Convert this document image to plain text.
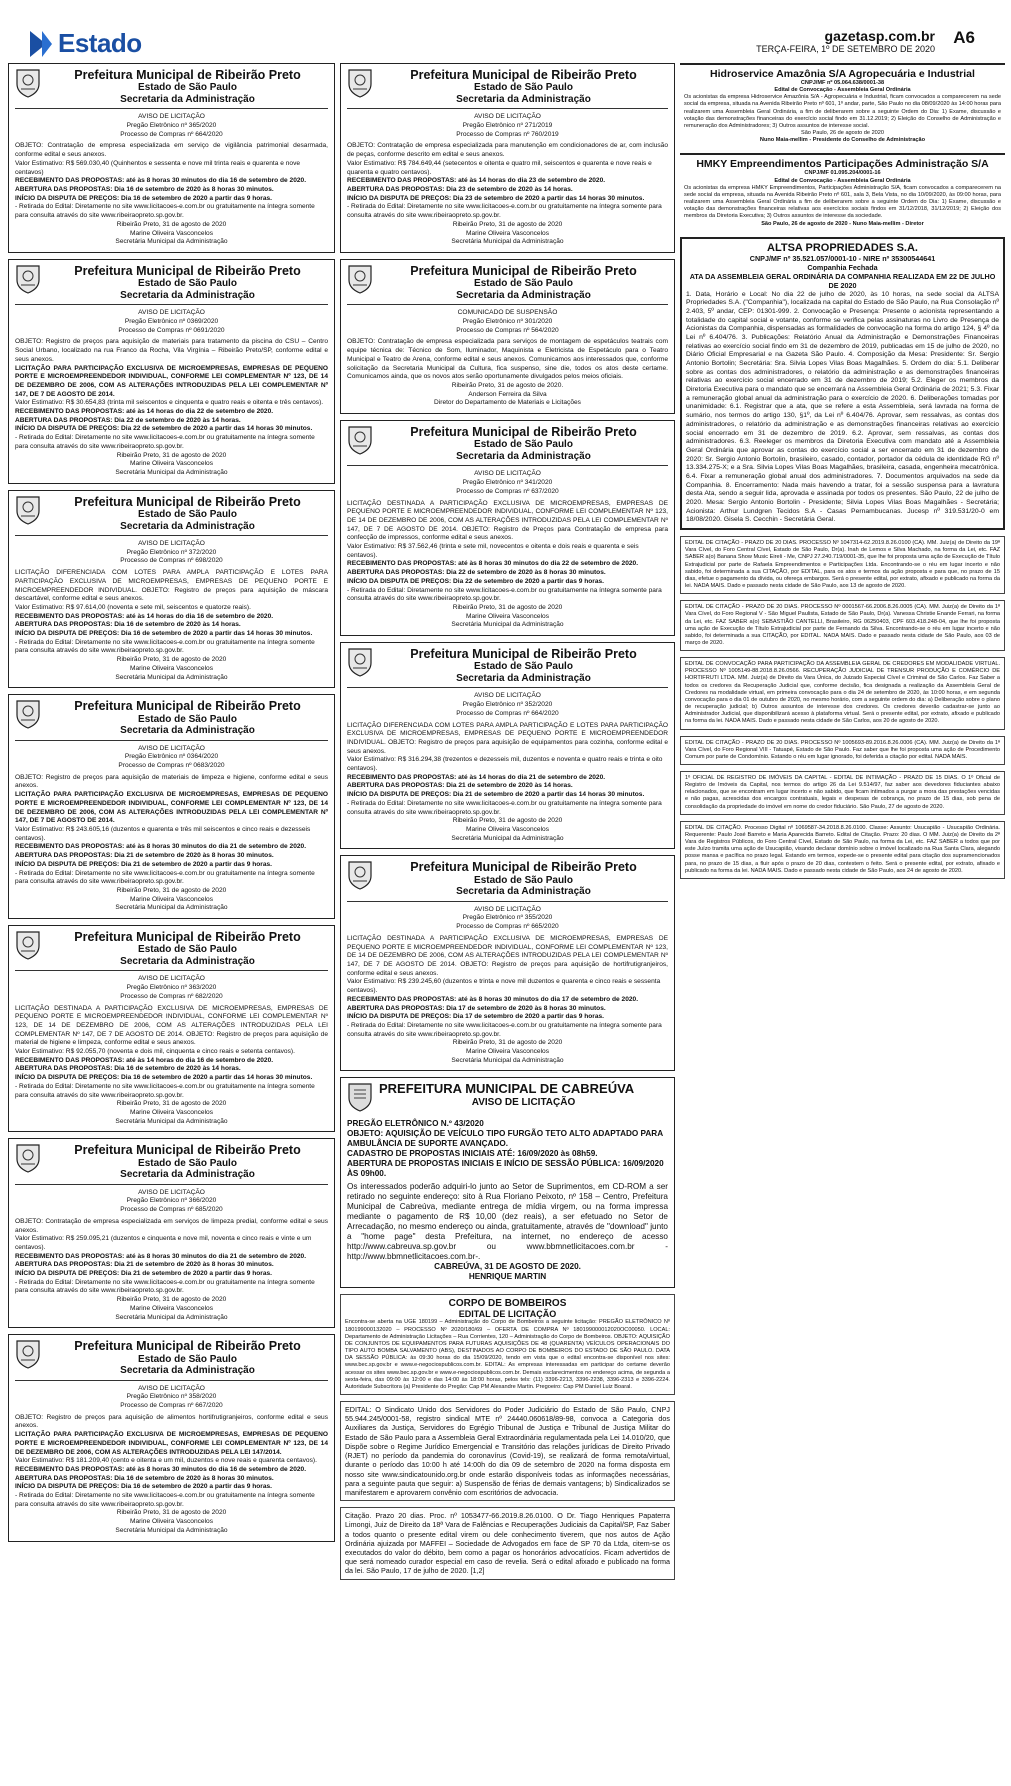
Estado	gazetasp.com.br
TERÇA-FEIRA, 1º DE SETEMBRO DE 2020
A6
Prefeitura Municipal de Ribeirão Preto
Estado de São Paulo
Secretaria da Administração
AVISO DE LICITAÇÃO
Pregão Eletrônico nº 365/2020
Processo de Compras nº 664/2020
OBJETO: Contratação de empresa especializada em serviço de vigilância patrimonial desarmada, conforme edital e seus anexos.
Valor Estimativo: R$ 569.030,40 (Quinhentos e sessenta e nove mil trinta reais e quarenta e nove centavos)
RECEBIMENTO DAS PROPOSTAS: até às 8 horas 30 minutos do dia 16 de setembro de 2020.
ABERTURA DAS PROPOSTAS: Dia 16 de setembro de 2020 às 8 horas 30 minutos.
INÍCIO DA DISPUTA DE PREÇOS: Dia 16 de setembro de 2020 a partir das 9 horas.
- Retirada do Edital: Diretamente no site www.licitacoes-e.com.br ou gratuitamente na íntegra somente para consulta através do site www.ribeiraopreto.sp.gov.br.
Ribeirão Preto, 31 de agosto de 2020
Marine Oliveira Vasconcelos
Secretária Municipal da Administração
Prefeitura Municipal de Ribeirão Preto
Estado de São Paulo
Secretaria da Administração
AVISO DE LICITAÇÃO
Pregão Eletrônico nº 0369/2020
Processo de Compras nº 0691/2020
OBJETO: Registro de preços para aquisição de materiais para tratamento da piscina do CSU – Centro Social Urbano, localizado na rua Franco da Rocha, Vila Virgínia – Ribeirão Preto/SP, conforme edital e seus anexos.
LICITAÇÃO PARA PARTICIPAÇÃO EXCLUSIVA DE MICROEMPRESAS, EMPRESAS DE PEQUENO PORTE E MICROEMPREENDEDOR INDIVIDUAL, CONFORME LEI COMPLEMENTAR Nº 123, DE 14 DE DEZEMBRO DE 2006, COM AS ALTERAÇÕES INTRODUZIDAS PELA LEI COMPLEMENTAR Nº 147, DE 7 DE AGOSTO DE 2014.
Valor Estimativo: R$ 30.654,83 (trinta mil seiscentos e cinquenta e quatro reais e oitenta e três centavos).
RECEBIMENTO DAS PROPOSTAS: até às 14 horas do dia 22 de setembro de 2020.
ABERTURA DAS PROPOSTAS: Dia 22 de setembro de 2020 às 14 horas.
INÍCIO DA DISPUTA DE PREÇOS: Dia 22 de setembro de 2020 a partir das 14 horas 30 minutos.
- Retirada do Edital: Diretamente no site www.licitacoes-e.com.br ou gratuitamente na íntegra somente para consulta através do site www.ribeiraopreto.sp.gov.br.
Ribeirão Preto, 31 de agosto de 2020
Marine Oliveira Vasconcelos
Secretária Municipal da Administração
Prefeitura Municipal de Ribeirão Preto
Estado de São Paulo
Secretaria da Administração
AVISO DE LICITAÇÃO
Pregão Eletrônico nº 372/2020
Processo de Compras nº 698/2020
LICITAÇÃO DIFERENCIADA COM LOTES PARA AMPLA PARTICIPAÇÃO E LOTES PARA PARTICIPAÇÃO EXCLUSIVA DE MICROEMPRESAS, EMPRESAS DE PEQUENO PORTE E MICROEMPREENDEDOR INDIVIDUAL. OBJETO: Registro de preços para aquisição de máscara descartável, conforme edital e seus anexos.
Valor Estimativo: R$ 97.614,00 (noventa e sete mil, seiscentos e quatorze reais).
RECEBIMENTO DAS PROPOSTAS: até às 14 horas do dia 16 de setembro de 2020.
ABERTURA DAS PROPOSTAS: Dia 16 de setembro de 2020 às 14 horas.
INÍCIO DA DISPUTA DE PREÇOS: Dia 16 de setembro de 2020 a partir das 14 horas 30 minutos.
- Retirada do Edital: Diretamente no site www.licitacoes-e.com.br ou gratuitamente na íntegra somente para consulta através do site www.ribeiraopreto.sp.gov.br.
Ribeirão Preto, 31 de agosto de 2020
Marine Oliveira Vasconcelos
Secretária Municipal da Administração
Prefeitura Municipal de Ribeirão Preto
Estado de São Paulo
Secretaria da Administração
AVISO DE LICITAÇÃO
Pregão Eletrônico nº 0364/2020
Processo de Compras nº 0683/2020
OBJETO: Registro de preços para aquisição de materiais de limpeza e higiene, conforme edital e seus anexos.
LICITAÇÃO PARA PARTICIPAÇÃO EXCLUSIVA DE MICROEMPRESAS, EMPRESAS DE PEQUENO PORTE E MICROEMPREENDEDOR INDIVIDUAL, CONFORME LEI COMPLEMENTAR Nº 123, DE 14 DE DEZEMBRO DE 2006, COM AS ALTERAÇÕES INTRODUZIDAS PELA LEI COMPLEMENTAR Nº 147, DE 7 DE AGOSTO DE 2014.
Valor Estimativo: R$ 243.605,16 (duzentos e quarenta e três mil seiscentos e cinco reais e dezesseis centavos).
RECEBIMENTO DAS PROPOSTAS: até às 8 horas 30 minutos do dia 21 de setembro de 2020.
ABERTURA DAS PROPOSTAS: Dia 21 de setembro de 2020 às 8 horas 30 minutos.
INÍCIO DA DISPUTA DE PREÇOS: Dia 21 de setembro de 2020 a partir das 9 horas.
- Retirada do Edital: Diretamente no site www.licitacoes-e.com.br ou gratuitamente na íntegra somente para consulta através do site www.ribeiraopreto.sp.gov.br.
Ribeirão Preto, 31 de agosto de 2020
Marine Oliveira Vasconcelos
Secretária Municipal da Administração
Prefeitura Municipal de Ribeirão Preto
Estado de São Paulo
Secretaria da Administração
AVISO DE LICITAÇÃO
Pregão Eletrônico nº 363/2020
Processo de Compras nº 682/2020
LICITAÇÃO DESTINADA A PARTICIPAÇÃO EXCLUSIVA DE MICROEMPRESAS, EMPRESAS DE PEQUENO PORTE E MICROEMPREENDEDOR INDIVIDUAL, CONFORME LEI COMPLEMENTAR Nº 123, DE 14 DE DEZEMBRO DE 2006, COM AS ALTERAÇÕES INTRODUZIDAS PELA LEI COMPLEMENTAR Nº 147, DE 7 DE AGOSTO DE 2014. OBJETO: Registro de preços para aquisição de material de higiene e limpeza, conforme edital e seus anexos.
Valor Estimativo: R$ 92.055,70 (noventa e dois mil, cinquenta e cinco reais e setenta centavos).
RECEBIMENTO DAS PROPOSTAS: até às 14 horas do dia 16 de setembro de 2020.
ABERTURA DAS PROPOSTAS: Dia 16 de setembro de 2020 às 14 horas.
INÍCIO DA DISPUTA DE PREÇOS: Dia 16 de setembro de 2020 a partir das 14 horas 30 minutos.
- Retirada do Edital: Diretamente no site www.licitacoes-e.com.br ou gratuitamente na íntegra somente para consulta através do site www.ribeiraopreto.sp.gov.br.
Ribeirão Preto, 31 de agosto de 2020
Marine Oliveira Vasconcelos
Secretária Municipal da Administração
Prefeitura Municipal de Ribeirão Preto
Estado de São Paulo
Secretaria da Administração
AVISO DE LICITAÇÃO
Pregão Eletrônico nº 366/2020
Processo de Compras nº 685/2020
OBJETO: Contratação de empresa especializada em serviços de limpeza predial, conforme edital e seus anexos.
Valor Estimativo: R$ 259.095,21 (duzentos e cinquenta e nove mil, noventa e cinco reais e vinte e um centavos).
RECEBIMENTO DAS PROPOSTAS: até às 8 horas 30 minutos do dia 21 de setembro de 2020.
ABERTURA DAS PROPOSTAS: Dia 21 de setembro de 2020 às 8 horas 30 minutos.
INÍCIO DA DISPUTA DE PREÇOS: Dia 21 de setembro de 2020 a partir das 9 horas.
- Retirada do Edital: Diretamente no site www.licitacoes-e.com.br ou gratuitamente na íntegra somente para consulta através do site www.ribeiraopreto.sp.gov.br.
Ribeirão Preto, 31 de agosto de 2020
Marine Oliveira Vasconcelos
Secretária Municipal da Administração
Prefeitura Municipal de Ribeirão Preto
Estado de São Paulo
Secretaria da Administração
AVISO DE LICITAÇÃO
Pregão Eletrônico nº 358/2020
Processo de Compras nº 667/2020
OBJETO: Registro de preços para aquisição de alimentos hortifrutigranjeiros, conforme edital e seus anexos.
LICITAÇÃO PARA PARTICIPAÇÃO EXCLUSIVA DE MICROEMPRESAS, EMPRESAS DE PEQUENO PORTE E MICROEMPREENDEDOR INDIVIDUAL, CONFORME LEI COMPLEMENTAR Nº 123, DE 14 DE DEZEMBRO DE 2006, COM AS ALTERAÇÕES INTRODUZIDAS PELA LEI 147/2014.
Valor Estimativo: R$ 181.209,40 (cento e oitenta e um mil, duzentos e nove reais e quarenta centavos).
RECEBIMENTO DAS PROPOSTAS: até às 8 horas 30 minutos do dia 16 de setembro de 2020.
ABERTURA DAS PROPOSTAS: Dia 16 de setembro de 2020 às 8 horas 30 minutos.
INÍCIO DA DISPUTA DE PREÇOS: Dia 16 de setembro de 2020 a partir das 9 horas.
- Retirada do Edital: Diretamente no site www.licitacoes-e.com.br ou gratuitamente na íntegra somente para consulta através do site www.ribeiraopreto.sp.gov.br.
Ribeirão Preto, 31 de agosto de 2020
Marine Oliveira Vasconcelos
Secretária Municipal da Administração
Prefeitura Municipal de Ribeirão Preto
Estado de São Paulo
Secretaria da Administração
AVISO DE LICITAÇÃO
Pregão Eletrônico nº 271/2019
Processo de Compras nº 760/2019
OBJETO: Contratação de empresa especializada para manutenção em condicionadores de ar, com inclusão de peças, conforme descrito em edital e seus anexos.
Valor Estimativo: R$ 784.649,44 (setecentos e oitenta e quatro mil, seiscentos e quarenta e nove reais e quarenta e quatro centavos).
RECEBIMENTO DAS PROPOSTAS: até às 14 horas do dia 23 de setembro de 2020.
ABERTURA DAS PROPOSTAS: Dia 23 de setembro de 2020 às 14 horas.
INÍCIO DA DISPUTA DE PREÇOS: Dia 23 de setembro de 2020 a partir das 14 horas 30 minutos.
- Retirada do Edital: Diretamente no site www.licitacoes-e.com.br ou gratuitamente na íntegra somente para consulta através do site www.ribeiraopreto.sp.gov.br.
Ribeirão Preto, 31 de agosto de 2020
Marine Oliveira Vasconcelos
Secretária Municipal da Administração
Prefeitura Municipal de Ribeirão Preto
Estado de São Paulo
Secretaria da Administração
COMUNICADO DE SUSPENSÃO
Pregão Eletrônico nº 301/2020
Processo de Compras nº 564/2020
OBJETO: Contratação de empresa especializada para serviços de montagem de espetáculos teatrais com equipe técnica de: Técnico de Som, Iluminador, Maquinista e Eletricista de Espetáculo para o Teatro Municipal e Teatro de Arena, conforme edital e seus anexos. Comunicamos aos interessados que, conforme solicitação da Secretaria Municipal da Cultura, fica suspenso, sine die, todos os atos deste certame. Comunicamos ainda, que os novos atos serão oportunamente divulgados pelos meios oficiais.
Ribeirão Preto, 31 de agosto de 2020.
Anderson Ferreira da Silva
Diretor do Departamento de Materiais e Licitações
Prefeitura Municipal de Ribeirão Preto
Estado de São Paulo
Secretaria da Administração
AVISO DE LICITAÇÃO
Pregão Eletrônico nº 341/2020
Processo de Compras nº 637/2020
LICITAÇÃO DESTINADA A PARTICIPAÇÃO EXCLUSIVA DE MICROEMPRESAS, EMPRESAS DE PEQUENO PORTE E MICROEMPREENDEDOR INDIVIDUAL, CONFORME LEI COMPLEMENTAR Nº 123, DE 14 DE DEZEMBRO DE 2006, COM AS ALTERAÇÕES INTRODUZIDAS PELA LEI COMPLEMENTAR Nº 147, DE 7 DE AGOSTO DE 2014. OBJETO: Registro de Preços para Contratação de empresa para confecção de impressos, conforme edital e seus anexos.
Valor Estimativo: R$ 37.562,46 (trinta e sete mil, novecentos e oitenta e dois reais e quarenta e seis centavos).
RECEBIMENTO DAS PROPOSTAS: até às 8 horas 30 minutos do dia 22 de setembro de 2020.
ABERTURA DAS PROPOSTAS: Dia 22 de setembro de 2020 às 8 horas 30 minutos.
INÍCIO DA DISPUTA DE PREÇOS: Dia 22 de setembro de 2020 a partir das 9 horas.
- Retirada do Edital: Diretamente no site www.licitacoes-e.com.br ou gratuitamente na íntegra somente para consulta através do site www.ribeiraopreto.sp.gov.br.
Ribeirão Preto, 31 de agosto de 2020
Marine Oliveira Vasconcelos
Secretária Municipal da Administração
Prefeitura Municipal de Ribeirão Preto
Estado de São Paulo
Secretaria da Administração
AVISO DE LICITAÇÃO
Pregão Eletrônico nº 352/2020
Processo de Compras nº 664/2020
LICITAÇÃO DIFERENCIADA COM LOTES PARA AMPLA PARTICIPAÇÃO E LOTES PARA PARTICIPAÇÃO EXCLUSIVA DE MICROEMPRESAS, EMPRESAS DE PEQUENO PORTE E MICROEMPREENDEDOR INDIVIDUAL. OBJETO: Registro de preços para aquisição de equipamentos para cozinha, conforme edital e seus anexos.
Valor Estimativo: R$ 316.294,38 (trezentos e dezesseis mil, duzentos e noventa e quatro reais e trinta e oito centavos).
RECEBIMENTO DAS PROPOSTAS: até às 14 horas do dia 21 de setembro de 2020.
ABERTURA DAS PROPOSTAS: Dia 21 de setembro de 2020 às 14 horas.
INÍCIO DA DISPUTA DE PREÇOS: Dia 21 de setembro de 2020 a partir das 14 horas 30 minutos.
- Retirada do Edital: Diretamente no site www.licitacoes-e.com.br ou gratuitamente na íntegra somente para consulta através do site www.ribeiraopreto.sp.gov.br.
Ribeirão Preto, 31 de agosto de 2020
Marine Oliveira Vasconcelos
Secretária Municipal da Administração
Prefeitura Municipal de Ribeirão Preto
Estado de São Paulo
Secretaria da Administração
AVISO DE LICITAÇÃO
Pregão Eletrônico nº 355/2020
Processo de Compras nº 665/2020
LICITAÇÃO DESTINADA A PARTICIPAÇÃO EXCLUSIVA DE MICROEMPRESAS, EMPRESAS DE PEQUENO PORTE E MICROEMPREENDEDOR INDIVIDUAL, CONFORME LEI COMPLEMENTAR Nº 123, DE 14 DE DEZEMBRO DE 2006, COM AS ALTERAÇÕES INTRODUZIDAS PELA LEI COMPLEMENTAR Nº 147, DE 7 DE AGOSTO DE 2014. OBJETO: Registro de preços para aquisição de hortifrutigranjeiros, conforme edital e seus anexos.
Valor Estimativo: R$ 239.245,60 (duzentos e trinta e nove mil duzentos e quarenta e cinco reais e sessenta centavos).
RECEBIMENTO DAS PROPOSTAS: até às 8 horas 30 minutos do dia 17 de setembro de 2020.
ABERTURA DAS PROPOSTAS: Dia 17 de setembro de 2020 às 8 horas 30 minutos.
INÍCIO DA DISPUTA DE PREÇOS: Dia 17 de setembro de 2020 a partir das 9 horas.
- Retirada do Edital: Diretamente no site www.licitacoes-e.com.br ou gratuitamente na íntegra somente para consulta através do site www.ribeiraopreto.sp.gov.br.
Ribeirão Preto, 31 de agosto de 2020
Marine Oliveira Vasconcelos
Secretária Municipal da Administração
PREFEITURA MUNICIPAL DE CABREÚVA
AVISO DE LICITAÇÃO
PREGÃO ELETRÔNICO N.º 43/2020
OBJETO: AQUISIÇÃO DE VEÍCULO TIPO FURGÃO TETO ALTO ADAPTADO PARA AMBULÂNCIA DE SUPORTE AVANÇADO.
CADASTRO DE PROPOSTAS INICIAIS ATÉ: 16/09/2020 às 08h59.
ABERTURA DE PROPOSTAS INICIAIS E INÍCIO DE SESSÃO PÚBLICA: 16/09/2020 ÀS 09h00.
Os interessados poderão adquiri-lo junto ao Setor de Suprimentos, em CD-ROM a ser retirado no seguinte endereço: sito à Rua Floriano Peixoto, nº 158 – Centro, Prefeitura Municipal de Cabreúva, mediante entrega de mídia virgem, ou na forma impressa mediante o pagamento de R$ 10,00 (dez reais), a ser efetuado no Setor de Arrecadação, no mesmo endereço ou ainda, gratuitamente, através de "download" junto a "home page" desta Prefeitura, na internet, no endereço de acesso http://www.cabreuva.sp.gov.br ou www.bbmnetlicitacoes.com.br -http://www.bbmnetlicitacoes.com.br-.
CABREÚVA, 31 DE AGOSTO DE 2020.
HENRIQUE MARTIN
CORPO DE BOMBEIROS
EDITAL DE LICITAÇÃO
Encontra-se aberta na UGE 180199 – Administração do Corpo de Bombeiros a seguinte licitação: PREGÃO ELETRÔNICO Nº 180199000132020 – PROCESSO Nº 2020/180/69 – OFERTA DE COMPRA Nº 180199000012020OC00050. LOCAL: Departamento de Administração Licitações – Rua Corrientes, 120 – Administração do Corpo de Bombeiros. OBJETO: AQUISIÇÃO DE CONJUNTOS DE EQUIPAMENTOS PARA FUTURAS AQUISIÇÕES DE 48 (QUARENTA) VEÍCULOS OPERACIONAIS DO TIPO AUTO BOMBA SALVAMENTO (ABS), DESTINADOS AO CORPO DE BOMBEIROS DO ESTADO DE SÃO PAULO. DATA DA SESSÃO PÚBLICA: às 09:30 horas do dia 15/09/2020, tendo em vista que o edital encontra-se disponível nos sites: www.bec.sp.gov.br e www.e-negociospublicos.com.br. EDITAL: As empresas interessadas em participar do certame deverão acessar os sites www.bec.sp.gov.br e www.e-negociospublicos.com.br. Demais esclarecimentos no endereço acima, de segunda a sexta-feira, das 09:00 às 12:00 e das 14:00 às 18:00 horas, pelos tels: (11) 3396-2213, 3396-2238, 3396-2313 e 3396-2224. Autoridade Subscritora (a) Presidente do Pregão: Cap PM Alexandre Martin. Pregoeiro: Cap PM Daniel Luiz Boaral.
EDITAL: O Sindicato Unido dos Servidores do Poder Judiciário do Estado de São Paulo, CNPJ 55.944.245/0001-58, registro sindical MTE nº 24440.060618/89-98, convoca a Categoria dos Auxiliares da Justiça, Servidores do Egrégio Tribunal de Justiça e Tribunal de Justiça Militar do Estado de São Paulo para a Assembleia Geral Extraordinária regulamentada pela Lei 14.010/20, que Dispõe sobre o Regime Jurídico Emergencial e Transitório das relações jurídicas de Direito Privado (RJET) no período da pandemia do coronavírus (Covid-19), se realizará de forma remota/virtual, durante o período das 10:00 h até 14:00h do dia 09 de setembro de 2020 na forma disposta em nosso site www.sindicatounido.org.br onde estarão disponíveis todas as informações necessárias, para a seguinte pauta que seguir: a) Suspensão de férias de demais vantagens; b) Sindicalizados se manifestarem e aprovarem convênio com escritórios de advocacia.
Citação. Prazo 20 dias. Proc. nº 1053477-66.2019.8.26.0100. O Dr. Tiago Henriques Papaterra Limongi, Juiz de Direito da 18ª Vara de Falências e Recuperações Judiciais da Capital/SP, Faz Saber a todos quanto o presente edital virem ou dele conhecimento tiverem, que nos autos de Ação Ordinária ajuizada por MAFFEI – Sociedade de Advogados em face de SP 70 da Ltda, citem-se os executados do valor do débito, bem como a pagar os honorários advocatícios. Ficam advertidos de que será nomeado curador especial em caso de revelia. Será o edital afixado e publicado na forma da lei. São Paulo, 17 de julho de 2020. [1,2]
Hidroservice Amazônia S/A Agropecuária e Industrial
CNPJ/MF nº 05.064.638/0001-38
Edital de Convocação - Assembleia Geral Ordinária
Os acionistas da empresa Hidroservice Amazônia S/A - Agropecuária e Industrial, ficam convocados a comparecerem na sede social da empresa, situada na Avenida Ribeirão Preto nº 601, 1º andar, parte, São Paulo no dia 08/09/2020 às 14:00 horas para realizarem uma Assembleia Geral Ordinária, a fim de deliberarem sobre a seguinte Ordem do Dia: 1) Exame, discussão e votação das demonstrações financeiras do exercício social findo em 31.12.2019; 2) Eleição do Conselho de Administração e remuneração dos Administradores; 3) Outros assuntos de interesse social.
São Paulo, 26 de agosto de 2020
Nuno Maia-mellim - Presidente do Conselho de Administração
HMKY Empreendimentos Participações Administração S/A
CNPJ/MF 01.095.204/0001-16
Edital de Convocação - Assembleia Geral Ordinária
Os acionistas da empresa HMKY Empreendimentos, Participações Administração S/A, ficam convocados a comparecerem na sede social da empresa, situada na Avenida Ribeirão Preto nº 601, sala 3, Bela Vista, no dia 10/09/2020, às 09:00 horas, para realizarem uma Assembleia Geral Ordinária a fim de deliberarem sobre a seguinte Ordem do Dia: 1) Exame, discussão e votação das demonstrações financeiras relativas aos exercícios sociais findos em 31/12/2018, 31/12/2019; 2) Eleição dos membros da Diretoria Executiva; 3) Outros assuntos de interesse da sociedade.
São Paulo, 26 de agosto de 2020 - Nuno Maia-mellim - Diretor
ALTSA PROPRIEDADES S.A.
CNPJ/MF nº 35.521.057/0001-10 - NIRE nº 35300544641
Companhia Fechada
ATA DA ASSEMBLEIA GERAL ORDINÁRIA DA COMPANHIA REALIZADA EM 22 DE JULHO DE 2020
1. Data, Horário e Local: No dia 22 de julho de 2020, às 10 horas, na sede social da ALTSA Propriedades S.A. ("Companhia"), localizada na capital do Estado de São Paulo, na Rua Consolação nº 2.403, 5º andar, CEP: 01301-999. 2. Convocação e Presença: Presente o acionista representando a totalidade do capital social e votante, conforme se verifica pelas assinaturas no Livro de Presença de Acionistas da Companhia, dispensadas as formalidades de convocação na forma do artigo 124, § 4º da Lei nº 6.404/76. 3. Publicações: Relatório Anual da Administração e Demonstrações Financeiras relativas ao exercício social findo em 31 de dezembro de 2019, publicadas em 15 de julho de 2020, no Diário Oficial Empresarial e na Gazeta São Paulo. 4. Composição da Mesa: Presidente: Sr. Sergio Antonio Bortolin; Secretária: Sra. Silvia Lopes Vilas Boas Magalhães. 5. Ordem do dia: 5.1. Deliberar sobre as contas dos administradores, o relatório da administração e as demonstrações financeiras relativas ao exercício social encerrado em 31 de dezembro de 2019; 5.2. Eleger os membros da Diretoria Executiva para o mandato que se encerrará na Assembleia Geral Ordinária de 2021; 5.3. Fixar a remuneração global anual da administração para o exercício de 2020. 6. Deliberações tomadas por unanimidade: 6.1. Registrar que a ata, que se refere a esta Assembleia, será lavrada na forma de sumário, nos termos do artigo 130, §1º, da Lei nº 6.404/76. Aprovar, sem ressalvas, as contas dos administradores, o relatório da administração e as demonstrações financeiras relativas ao exercício social encerrado em 31 de dezembro de 2019. 6.2. Aprovar, sem ressalvas, as contas dos administradores. 6.3. Reeleger os membros da Diretoria Executiva com mandato até a Assembleia Geral Ordinária que aprovar as contas do exercício social a ser encerrado em 31 de dezembro de 2020: Sr. Sergio Antonio Bortolin, brasileiro, casado, contador, portador da cédula de identidade RG nº 13.334.275-X; e a Sra. Silvia Lopes Vilas Boas Magalhães, brasileira, casada, engenheira mecatrônica. 6.4. Fixar a remuneração global anual dos administradores. 7. Documentos arquivados na sede da Companhia. 8. Encerramento: Nada mais havendo a tratar, foi a sessão suspensa para a lavratura desta Ata, sendo a seguir lida, aprovada e assinada por todos os presentes. São Paulo, 22 de julho de 2020. Mesa: Sergio Antonio Bortolin - Presidente; Silvia Lopes Vilas Boas Magalhães - Secretária; Acionista: Arthur Lundgren Tecidos S.A - Casas Pernambucanas. Jucesp nº 319.531/20-0 em 18/08/2020. Gisela S. Cecchin - Secretária Geral.
EDITAL DE CITAÇÃO - PRAZO DE 20 DIAS. PROCESSO Nº 1047314-62.2019.8.26.0100 (CA). MM. Juiz(a) de Direito da 19ª Vara Cível, do Foro Central Cível, Estado de São Paulo, Dr(a). Inah de Lemos e Silva Machado, na forma da Lei, etc. FAZ SABER a(o) Banana Show Music Eireli - Me, CNPJ 27.240.719/0001-35, que lhe foi proposta uma ação de Execução de Título Extrajudicial por parte de Rafaela Empreendimentos e Participações Ltda. Encontrando-se o réu em lugar incerto e não sabido, foi determinada a sua CITAÇÃO, por EDITAL, para os atos e termos da ação proposta e para que, no prazo de 15 dias, efetue o pagamento da dívida, ou ofereça embargos. Será o presente edital, por extrato, afixado e publicado na forma da lei. NADA MAIS. Dado e passado nesta cidade de São Paulo, aos 13 de agosto de 2020.
EDITAL DE CITAÇÃO - PRAZO DE 20 DIAS. PROCESSO Nº 0001567-66.2006.8.26.0005 (CA). MM. Juiz(a) de Direito da 1ª Vara Cível, do Foro Regional V - São Miguel Paulista, Estado de São Paulo, Dr(a). Vanessa Christie Enande Ferrari, na forma da Lei, etc. FAZ SABER a(o) SEBASTIÃO CANTELLI, Brasileiro, RG 06250403, CPF 603.418.248-04, que lhe foi proposta uma ação de Execução de Título Extrajudicial por parte de Fernando da Silva. Encontrando-se o réu em lugar incerto e não sabido, foi determinada a sua CITAÇÃO, por EDITAL. NADA MAIS. Dado e passado nesta cidade de São Paulo, aos 03 de março de 2020.
EDITAL DE CONVOCAÇÃO PARA PARTICIPAÇÃO DA ASSEMBLEIA GERAL DE CREDORES EM MODALIDADE VIRTUAL. PROCESSO Nº 1005149-88.2018.8.26.0566. RECUPERAÇÃO JUDICIAL DE TRENSUR PRODUÇÃO E COMÉRCIO DE HORTIFRUTI LTDA. MM. Juiz(a) de Direito da Vara Única, do Juizado Especial Cível e Criminal de São Carlos. Faz Saber a todos os credores da Recuperação Judicial que, conforme decisão, fica designada a realização da Assembleia Geral de Credores na modalidade virtual, em primeira convocação para o dia 24 de setembro de 2020, às 10:00 horas, e em segunda convocação para o dia 01 de outubro de 2020, no mesmo horário, com a seguinte ordem do dia: a) Deliberação sobre o plano de recuperação judicial; b) Outros assuntos de interesse dos credores. Os credores deverão cadastrar-se junto ao Administrador Judicial, que disponibilizará acesso à plataforma virtual. Será o presente edital, por extrato, afixado e publicado na forma da lei. NADA MAIS. Dado e passado nesta cidade de São Carlos, aos 20 de agosto de 2020.
EDITAL DE CITAÇÃO - PRAZO DE 20 DIAS. PROCESSO Nº 1005693-89.2016.8.26.0006 (CA). MM. Juiz(a) de Direito da 1ª Vara Cível, do Foro Regional VIII - Tatuapé, Estado de São Paulo. Faz saber que lhe foi proposta uma ação de Procedimento Comum por parte de Condomínio. Estando o réu em lugar ignorado, foi deferida a citação por edital. NADA MAIS.
1º OFICIAL DE REGISTRO DE IMÓVEIS DA CAPITAL - EDITAL DE INTIMAÇÃO - PRAZO DE 15 DIAS. O 1º Oficial de Registro de Imóveis da Capital, nos termos do artigo 26 da Lei 9.514/97, faz saber aos devedores fiduciantes abaixo relacionados, que se encontram em lugar incerto e não sabido, que ficam intimados a purgar a mora das prestações vencidas e não pagas, acrescidas dos encargos contratuais, legais e despesas de cobrança, no prazo de 15 dias, sob pena de consolidação da propriedade do imóvel em nome do credor fiduciário. São Paulo, 27 de agosto de 2020.
EDITAL DE CITAÇÃO. Processo Digital nº 1069587-34.2018.8.26.0100. Classe: Assunto: Usucapião - Usucapião Ordinária. Requerente: Paulo José Barreto e Maria Aparecida Barreto. Edital de Citação. Prazo: 20 dias. O MM. Juiz(a) de Direito da 2ª Vara de Registros Públicos, do Foro Central Cível, Estado de São Paulo, na forma da Lei, etc. FAZ SABER a todos que por este Juízo tramita uma ação de Usucapião, visando declarar domínio sobre o imóvel localizado na Rua Santa Clara, alegando posse mansa e pacífica no prazo legal. Estando em termos, expede-se o presente edital para citação dos supramencionados para, no prazo de 15 dias, a fluir após o prazo de 20 dias, contestem o feito. Será o presente edital, por extrato, afixado e publicado na forma da lei. NADA MAIS. Dado e passado nesta cidade de São Paulo, aos 24 de agosto de 2020.
